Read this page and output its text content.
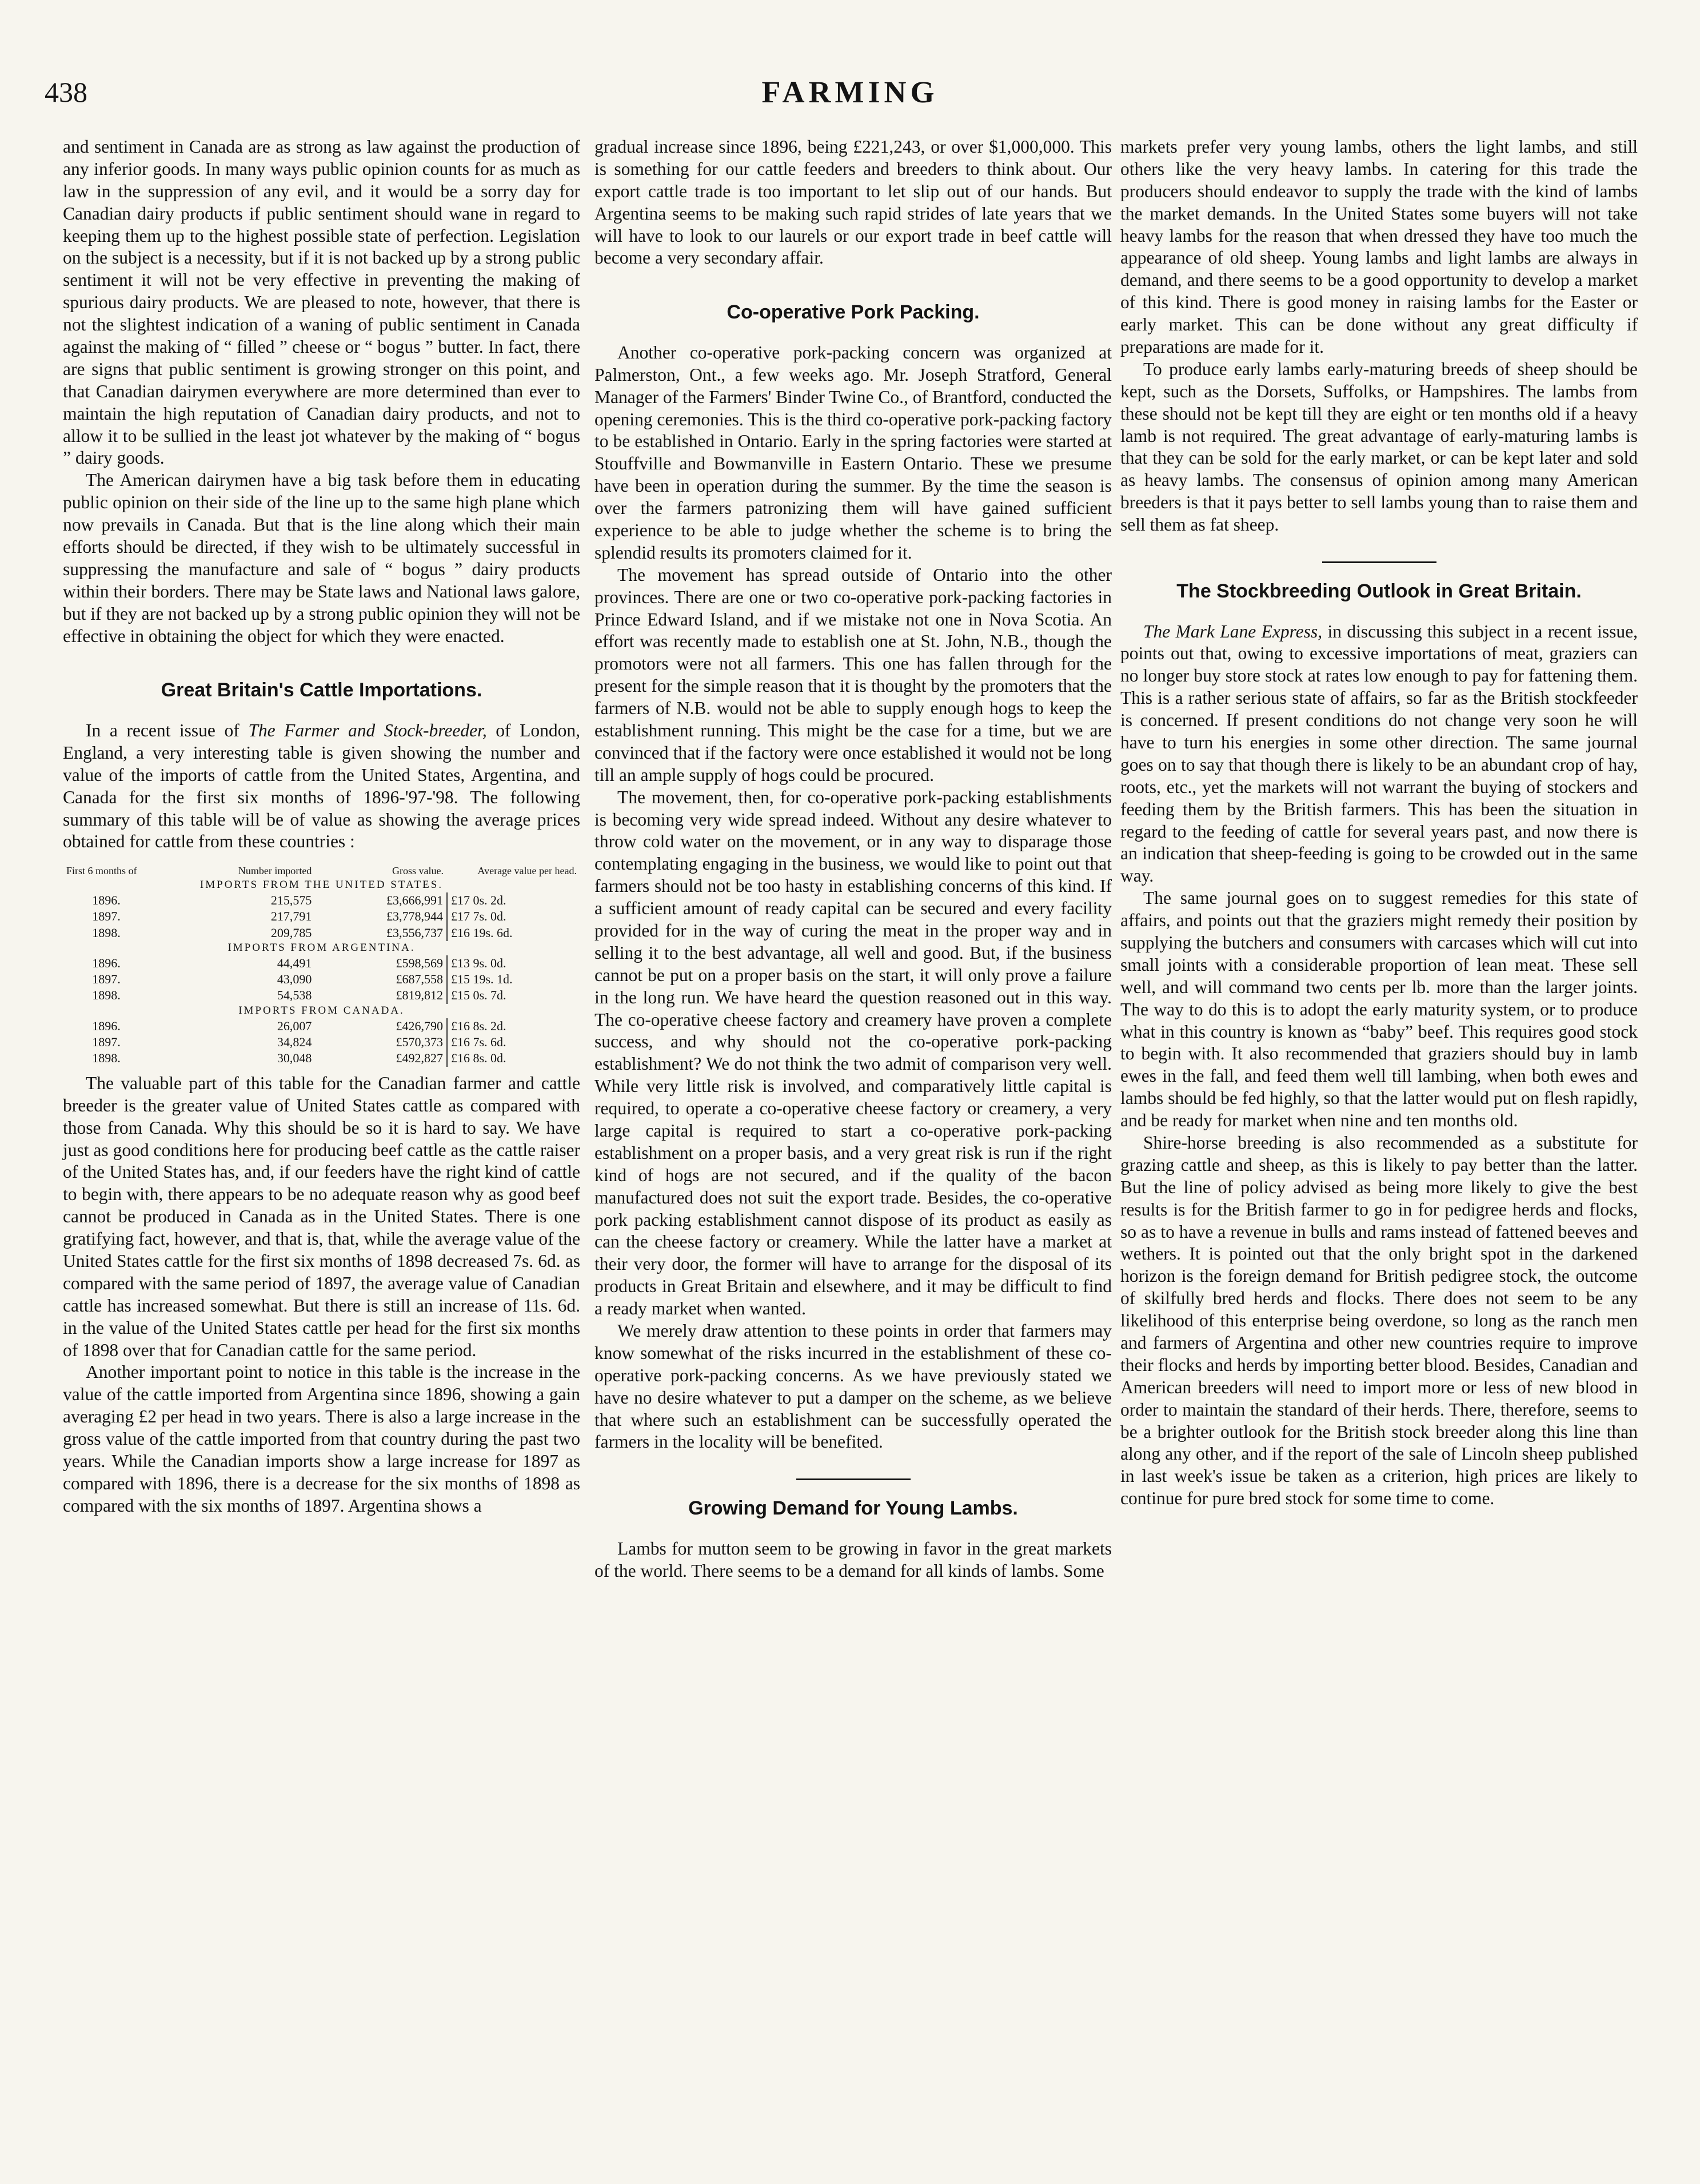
438	FARMING

and sentiment in Canada are as strong as law against the production of any inferior goods. In many ways public opinion counts for as much as law in the suppression of any evil, and it would be a sorry day for Canadian dairy products if public sentiment should wane in regard to keeping them up to the highest possible state of perfection. Legislation on the subject is a necessity, but if it is not backed up by a strong public sentiment it will not be very effective in preventing the making of spurious dairy products. We are pleased to note, however, that there is not the slightest indication of a waning of public sentiment in Canada against the making of “ filled ” cheese or “ bogus ” butter. In fact, there are signs that public sentiment is growing stronger on this point, and that Canadian dairymen everywhere are more determined than ever to maintain the high reputation of Canadian dairy products, and not to allow it to be sullied in the least jot whatever by the making of “ bogus ” dairy goods.

The American dairymen have a big task before them in educating public opinion on their side of the line up to the same high plane which now prevails in Canada. But that is the line along which their main efforts should be directed, if they wish to be ultimately successful in suppressing the manufacture and sale of “ bogus ” dairy products within their borders. There may be State laws and National laws galore, but if they are not backed up by a strong public opinion they will not be effective in obtaining the object for which they were enacted.

Great Britain's Cattle Importations.

In a recent issue of The Farmer and Stock-breeder, of London, England, a very interesting table is given showing the number and value of the imports of cattle from the United States, Argentina, and Canada for the first six months of 1896-'97-'98. The following summary of this table will be of value as showing the average prices obtained for cattle from these countries :

First 6 months of	Number imported	Gross value.	Average value per head.
IMPORTS FROM THE UNITED STATES.			
1896.	215,575	£3,666,991	£17 0s. 2d.
1897.	217,791	£3,778,944	£17 7s. 0d.
1898.	209,785	£3,556,737	£16 19s. 6d.
IMPORTS FROM ARGENTINA.			
1896.	44,491	£598,569	£13 9s. 0d.
1897.	43,090	£687,558	£15 19s. 1d.
1898.	54,538	£819,812	£15 0s. 7d.
IMPORTS FROM CANADA.			
1896.	26,007	£426,790	£16 8s. 2d.
1897.	34,824	£570,373	£16 7s. 6d.
1898.	30,048	£492,827	£16 8s. 0d.

The valuable part of this table for the Canadian farmer and cattle breeder is the greater value of United States cattle as compared with those from Canada. Why this should be so it is hard to say. We have just as good conditions here for producing beef cattle as the cattle raiser of the United States has, and, if our feeders have the right kind of cattle to begin with, there appears to be no adequate reason why as good beef cannot be produced in Canada as in the United States. There is one gratifying fact, however, and that is, that, while the average value of the United States cattle for the first six months of 1898 decreased 7s. 6d. as compared with the same period of 1897, the average value of Canadian cattle has increased somewhat. But there is still an increase of 11s. 6d. in the value of the United States cattle per head for the first six months of 1898 over that for Canadian cattle for the same period.

Another important point to notice in this table is the increase in the value of the cattle imported from Argentina since 1896, showing a gain averaging £2 per head in two years. There is also a large increase in the gross value of the cattle imported from that country during the past two years. While the Canadian imports show a large increase for 1897 as compared with 1896, there is a decrease for the six months of 1898 as compared with the six months of 1897. Argentina shows a

gradual increase since 1896, being £221,243, or over $1,000,000. This is something for our cattle feeders and breeders to think about. Our export cattle trade is too important to let slip out of our hands. But Argentina seems to be making such rapid strides of late years that we will have to look to our laurels or our export trade in beef cattle will become a very secondary affair.

Co-operative Pork Packing.

Another co-operative pork-packing concern was organized at Palmerston, Ont., a few weeks ago. Mr. Joseph Stratford, General Manager of the Farmers' Binder Twine Co., of Brantford, conducted the opening ceremonies. This is the third co-operative pork-packing factory to be established in Ontario. Early in the spring factories were started at Stouffville and Bowmanville in Eastern Ontario. These we presume have been in operation during the summer. By the time the season is over the farmers patronizing them will have gained sufficient experience to be able to judge whether the scheme is to bring the splendid results its promoters claimed for it.

The movement has spread outside of Ontario into the other provinces. There are one or two co-operative pork-packing factories in Prince Edward Island, and if we mistake not one in Nova Scotia. An effort was recently made to establish one at St. John, N.B., though the promotors were not all farmers. This one has fallen through for the present for the simple reason that it is thought by the promoters that the farmers of N.B. would not be able to supply enough hogs to keep the establishment running. This might be the case for a time, but we are convinced that if the factory were once established it would not be long till an ample supply of hogs could be procured.

The movement, then, for co-operative pork-packing establishments is becoming very wide spread indeed. Without any desire whatever to throw cold water on the movement, or in any way to disparage those contemplating engaging in the business, we would like to point out that farmers should not be too hasty in establishing concerns of this kind. If a sufficient amount of ready capital can be secured and every facility provided for in the way of curing the meat in the proper way and in selling it to the best advantage, all well and good. But, if the business cannot be put on a proper basis on the start, it will only prove a failure in the long run. We have heard the question reasoned out in this way. The co-operative cheese factory and creamery have proven a complete success, and why should not the co-operative pork-packing establishment? We do not think the two admit of comparison very well. While very little risk is involved, and comparatively little capital is required, to operate a co-operative cheese factory or creamery, a very large capital is required to start a co-operative pork-packing establishment on a proper basis, and a very great risk is run if the right kind of hogs are not secured, and if the quality of the bacon manufactured does not suit the export trade. Besides, the co-operative pork packing establishment cannot dispose of its product as easily as can the cheese factory or creamery. While the latter have a market at their very door, the former will have to arrange for the disposal of its products in Great Britain and elsewhere, and it may be difficult to find a ready market when wanted.

We merely draw attention to these points in order that farmers may know somewhat of the risks incurred in the establishment of these co-operative pork-packing concerns. As we have previously stated we have no desire whatever to put a damper on the scheme, as we believe that where such an establishment can be successfully operated the farmers in the locality will be benefited.

Growing Demand for Young Lambs.

Lambs for mutton seem to be growing in favor in the great markets of the world. There seems to be a demand for all kinds of lambs. Some

markets prefer very young lambs, others the light lambs, and still others like the very heavy lambs. In catering for this trade the producers should endeavor to supply the trade with the kind of lambs the market demands. In the United States some buyers will not take heavy lambs for the reason that when dressed they have too much the appearance of old sheep. Young lambs and light lambs are always in demand, and there seems to be a good opportunity to develop a market of this kind. There is good money in raising lambs for the Easter or early market. This can be done without any great difficulty if preparations are made for it.

To produce early lambs early-maturing breeds of sheep should be kept, such as the Dorsets, Suffolks, or Hampshires. The lambs from these should not be kept till they are eight or ten months old if a heavy lamb is not required. The great advantage of early-maturing lambs is that they can be sold for the early market, or can be kept later and sold as heavy lambs. The consensus of opinion among many American breeders is that it pays better to sell lambs young than to raise them and sell them as fat sheep.

The Stockbreeding Outlook in Great Britain.

The Mark Lane Express, in discussing this subject in a recent issue, points out that, owing to excessive importations of meat, graziers can no longer buy store stock at rates low enough to pay for fattening them. This is a rather serious state of affairs, so far as the British stockfeeder is concerned. If present conditions do not change very soon he will have to turn his energies in some other direction. The same journal goes on to say that though there is likely to be an abundant crop of hay, roots, etc., yet the markets will not warrant the buying of stockers and feeding them by the British farmers. This has been the situation in regard to the feeding of cattle for several years past, and now there is an indication that sheep-feeding is going to be crowded out in the same way.

The same journal goes on to suggest remedies for this state of affairs, and points out that the graziers might remedy their position by supplying the butchers and consumers with carcases which will cut into small joints with a considerable proportion of lean meat. These sell well, and will command two cents per lb. more than the larger joints. The way to do this is to adopt the early maturity system, or to produce what in this country is known as “baby” beef. This requires good stock to begin with. It also recommended that graziers should buy in lamb ewes in the fall, and feed them well till lambing, when both ewes and lambs should be fed highly, so that the latter would put on flesh rapidly, and be ready for market when nine and ten months old.

Shire-horse breeding is also recommended as a substitute for grazing cattle and sheep, as this is likely to pay better than the latter. But the line of policy advised as being more likely to give the best results is for the British farmer to go in for pedigree herds and flocks, so as to have a revenue in bulls and rams instead of fattened beeves and wethers. It is pointed out that the only bright spot in the darkened horizon is the foreign demand for British pedigree stock, the outcome of skilfully bred herds and flocks. There does not seem to be any likelihood of this enterprise being overdone, so long as the ranch men and farmers of Argentina and other new countries require to improve their flocks and herds by importing better blood. Besides, Canadian and American breeders will need to import more or less of new blood in order to maintain the standard of their herds. There, therefore, seems to be a brighter outlook for the British stock breeder along this line than along any other, and if the report of the sale of Lincoln sheep published in last week's issue be taken as a criterion, high prices are likely to continue for pure bred stock for some time to come.
